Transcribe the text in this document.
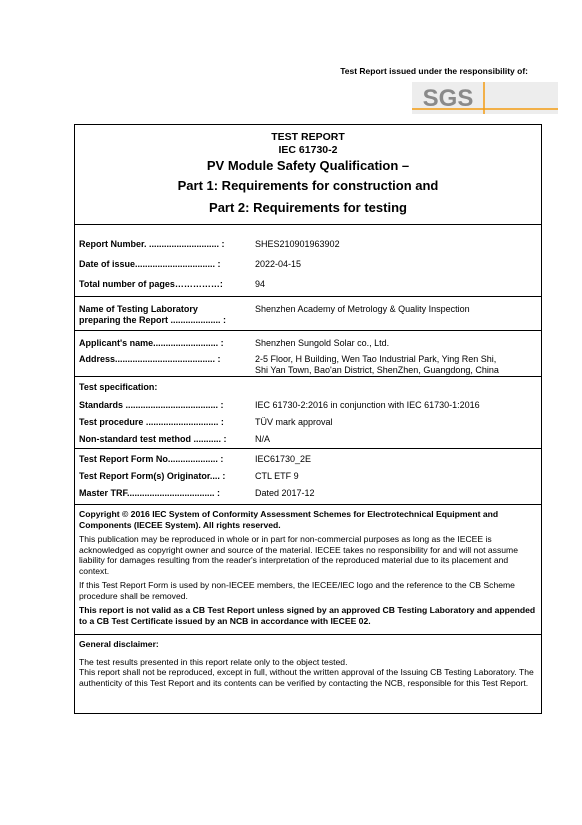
Test Report issued under the responsibility of:
SGS
TEST REPORT
IEC 61730-2
PV Module Safety Qualification –
Part 1: Requirements for construction and
Part 2: Requirements for testing
Report Number. ............................ :	SHES210901963902
Date of issue................................ :	2022-04-15
Total number of pages……………:	94
Name of Testing Laboratory
preparing the Report .................... :
Shenzhen Academy of Metrology & Quality Inspection
Applicant's name.......................... :	Shenzhen Sungold Solar co., Ltd.
Address........................................ :	2-5 Floor, H Building, Wen Tao Industrial Park, Ying Ren Shi,
Shi Yan Town, Bao'an District, ShenZhen, Guangdong, China
Test specification:
Standards ..................................... :	IEC 61730-2:2016 in conjunction with IEC 61730-1:2016
Test procedure ............................. :	TÜV mark approval
Non-standard test method ........... :	N/A
Test Report Form No.................... :	IEC61730_2E
Test Report Form(s) Originator.... :	CTL ETF 9
Master TRF................................... :	Dated 2017-12
Copyright © 2016 IEC System of Conformity Assessment Schemes for Electrotechnical Equipment and Components (IECEE System). All rights reserved.
This publication may be reproduced in whole or in part for non-commercial purposes as long as the IECEE is acknowledged as copyright owner and source of the material. IECEE takes no responsibility for and will not assume liability for damages resulting from the reader's interpretation of the reproduced material due to its placement and context.
If this Test Report Form is used by non-IECEE members, the IECEE/IEC logo and the reference to the CB Scheme procedure shall be removed.
This report is not valid as a CB Test Report unless signed by an approved CB Testing Laboratory and appended to a CB Test Certificate issued by an NCB in accordance with IECEE 02.
General disclaimer:
The test results presented in this report relate only to the object tested.
This report shall not be reproduced, except in full, without the written approval of the Issuing CB Testing Laboratory. The authenticity of this Test Report and its contents can be verified by contacting the NCB, responsible for this Test Report.
